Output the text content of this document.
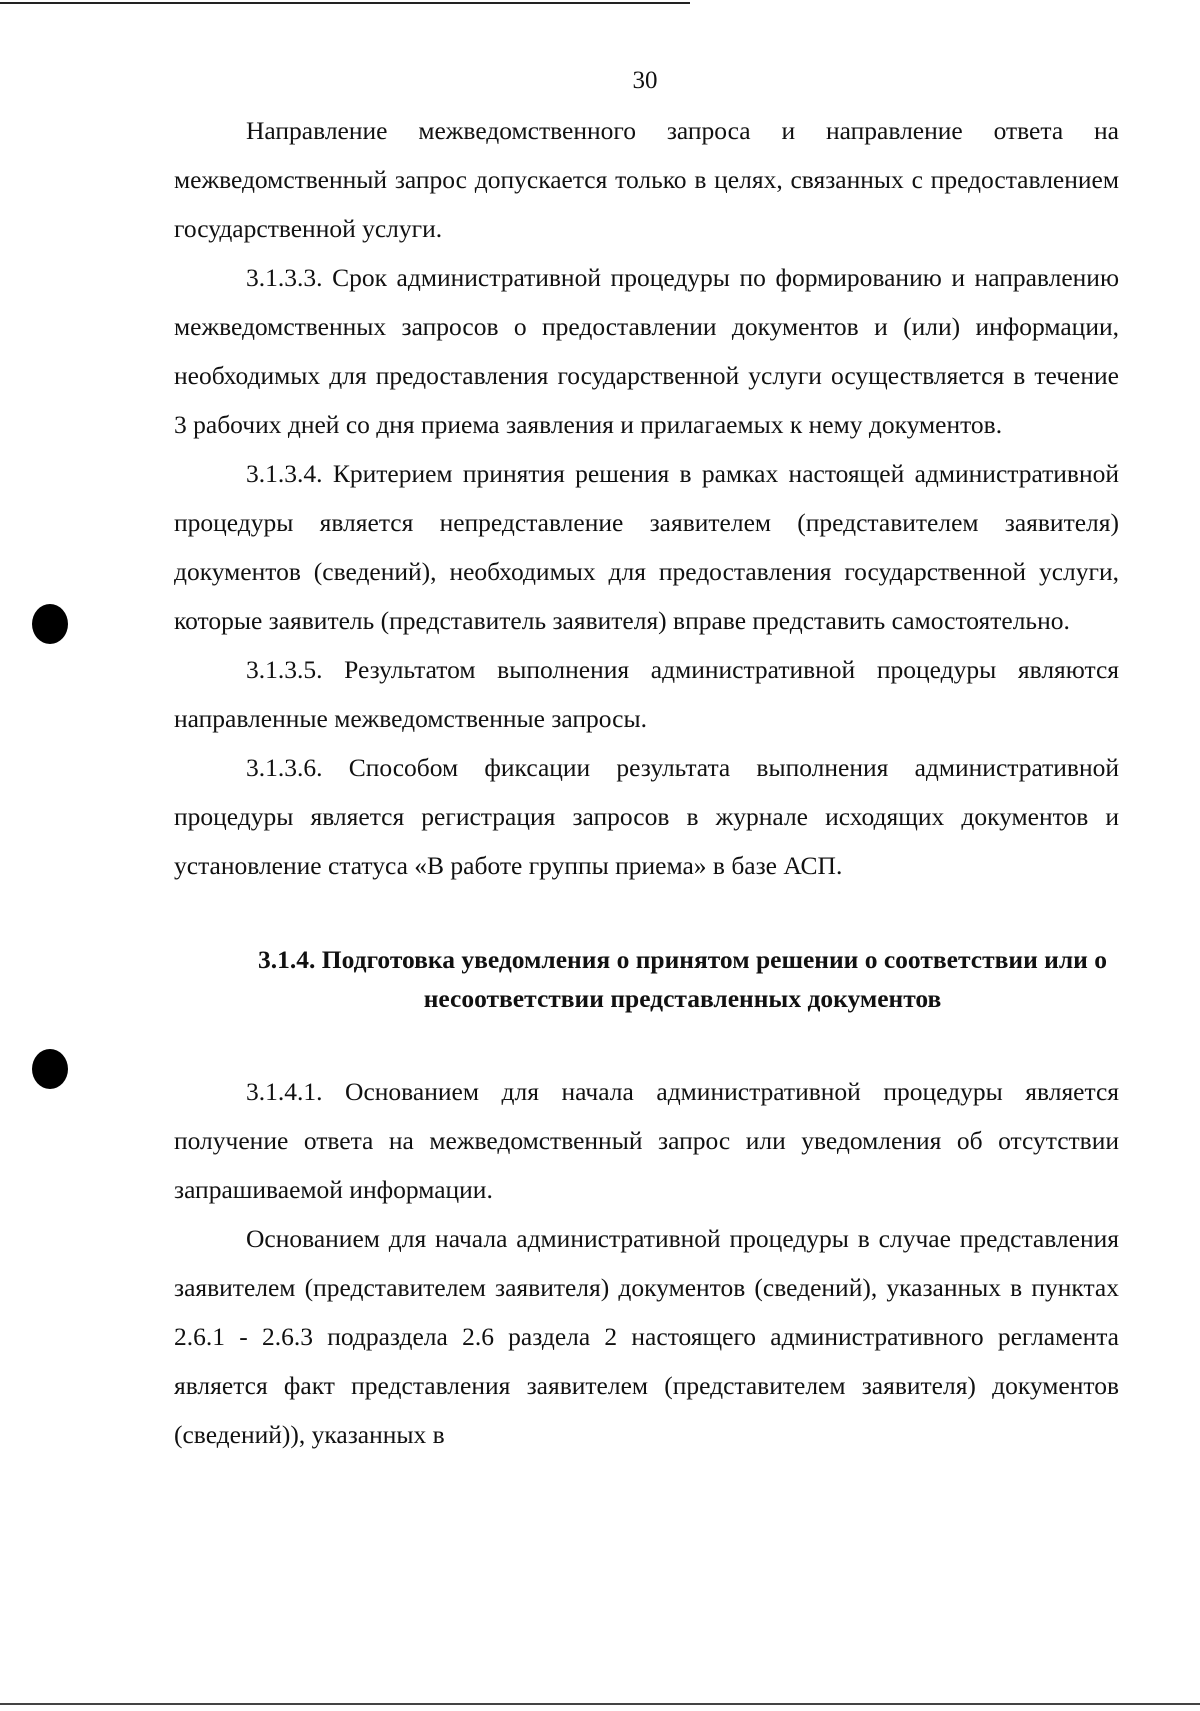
30

Направление межведомственного запроса и направление ответа на межведомственный запрос допускается только в целях, связанных с предоставлением государственной услуги.

3.1.3.3. Срок административной процедуры по формированию и направлению межведомственных запросов о предоставлении документов и (или) информации, необходимых для предоставления государственной услуги осуществляется в течение 3 рабочих дней со дня приема заявления и прилагаемых к нему документов.

3.1.3.4. Критерием принятия решения в рамках настоящей административной процедуры является непредставление заявителем (представителем заявителя) документов (сведений), необходимых для предоставления государственной услуги, которые заявитель (представитель заявителя) вправе представить самостоятельно.

3.1.3.5. Результатом выполнения административной процедуры являются направленные межведомственные запросы.

3.1.3.6. Способом фиксации результата выполнения административной процедуры является регистрация запросов в журнале исходящих документов и установление статуса «В работе группы приема» в базе АСП.

3.1.4. Подготовка уведомления о принятом решении о соответствии или о несоответствии представленных документов

3.1.4.1. Основанием для начала административной процедуры является получение ответа на межведомственный запрос или уведомления об отсутствии запрашиваемой информации.

Основанием для начала административной процедуры в случае представления заявителем (представителем заявителя) документов (сведений), указанных в пунктах 2.6.1 - 2.6.3 подраздела 2.6 раздела 2 настоящего административного регламента является факт представления заявителем (представителем заявителя) документов (сведений)), указанных в
